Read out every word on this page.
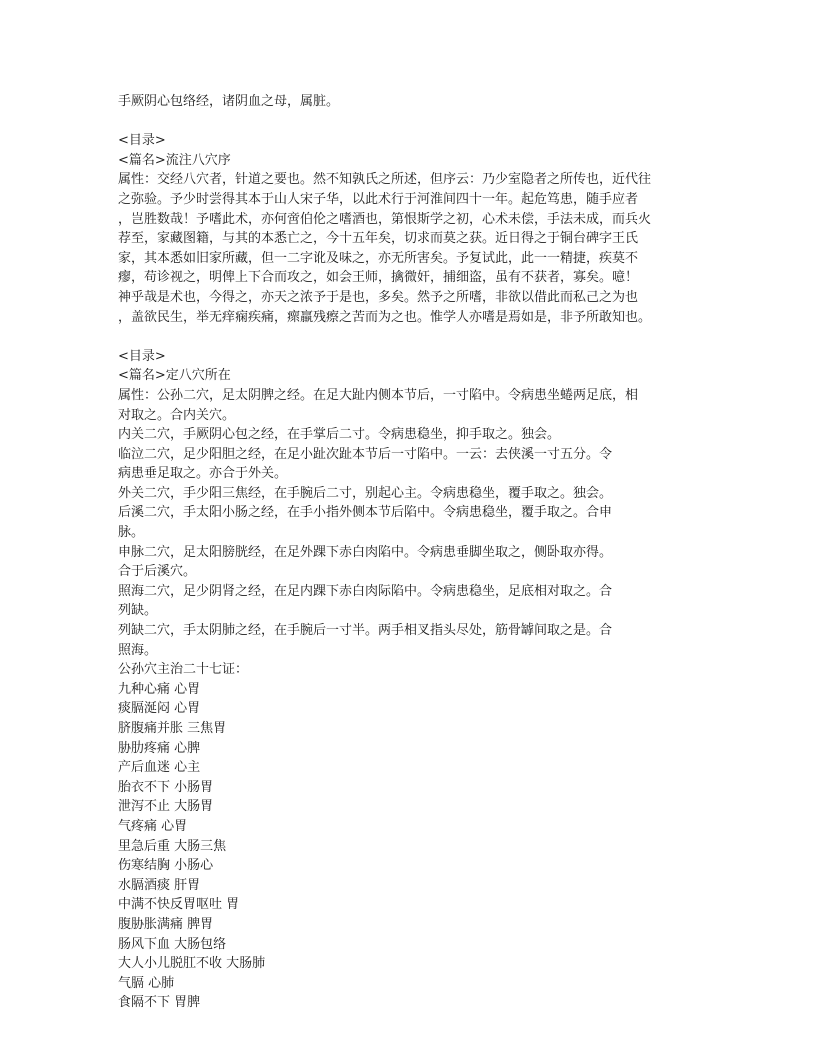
手厥阴心包络经，诸阴血之母，属脏。
<目录>
<篇名>流注八穴序
属性：交经八穴者，针道之要也。然不知孰氏之所述，但序云：乃少室隐者之所传也，近代往
之弥验。予少时尝得其本于山人宋子华，以此术行于河淮间四十一年。起危笃患，随手应者
，岂胜数哉！予嗜此术，亦何啻伯伦之嗜酒也，第恨斯学之初，心术未偿，手法未成，而兵火
荐至，家藏图籍，与其的本悉亡之，今十五年矣，切求而莫之获。近日得之于铜台碑字王氏
家，其本悉如旧家所藏，但一二字讹及味之，亦无所害矣。予复试此，此一一精捷，疾莫不
瘳，苟诊视之，明俾上下合而攻之，如会王师，擒微奸，捕细盗，虽有不获者，寡矣。噫！
神乎哉是术也，今得之，亦天之浓予于是也，多矣。然予之所嗜，非欲以借此而私己之为也
，盖欲民生，举无痒痫疾痛，瘝羸残瘵之苦而为之也。惟学人亦嗜是焉如是，非予所敢知也。
<目录>
<篇名>定八穴所在
属性：公孙二穴，足太阴脾之经。在足大趾内侧本节后，一寸陷中。令病患坐蜷两足底，相
对取之。合内关穴。
内关二穴，手厥阴心包之经，在手掌后二寸。令病患稳坐，抑手取之。独会。
临泣二穴，足少阳胆之经，在足小趾次趾本节后一寸陷中。一云：去侠溪一寸五分。令
病患垂足取之。亦合于外关。
外关二穴，手少阳三焦经，在手腕后二寸，别起心主。令病患稳坐，覆手取之。独会。
后溪二穴，手太阳小肠之经，在手小指外侧本节后陷中。令病患稳坐，覆手取之。合申
脉。
申脉二穴，足太阳膀胱经，在足外踝下赤白肉陷中。令病患垂脚坐取之，侧卧取亦得。
合于后溪穴。
照海二穴，足少阴肾之经，在足内踝下赤白肉际陷中。令病患稳坐，足底相对取之。合
列缺。
列缺二穴，手太阴肺之经，在手腕后一寸半。两手相叉指头尽处，筋骨罅间取之是。合
照海。
公孙穴主治二十七证：
九种心痛 心胃
痰膈涎闷 心胃
脐腹痛并胀 三焦胃
胁肋疼痛 心脾
产后血迷 心主
胎衣不下 小肠胃
泄泻不止 大肠胃
气疼痛 心胃
里急后重 大肠三焦
伤寒结胸 小肠心
水膈酒痰 肝胃
中满不快反胃呕吐 胃
腹胁胀满痛 脾胃
肠风下血 大肠包络
大人小儿脱肛不收 大肠肺
气膈 心肺
食隔不下 胃脾
